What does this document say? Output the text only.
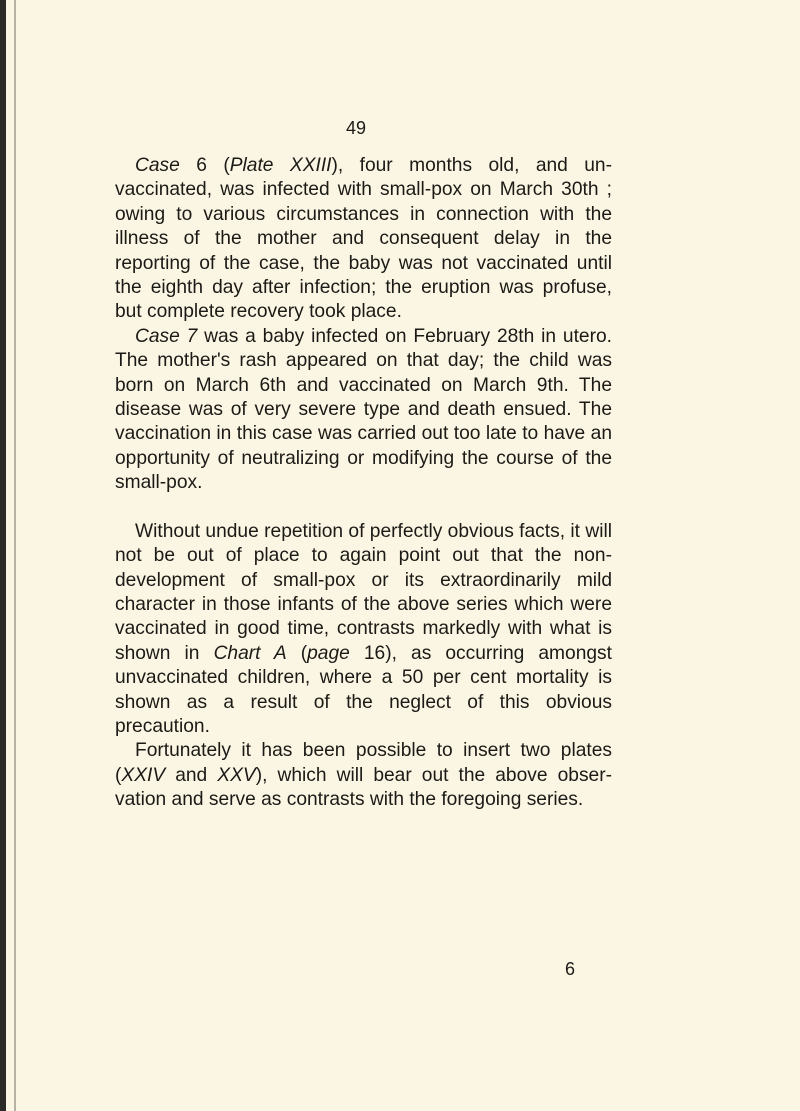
49

Case 6 (Plate XXIII), four months old, and un-vaccinated, was infected with small-pox on March 30th ; owing to various circumstances in connection with the illness of the mother and consequent delay in the reporting of the case, the baby was not vaccinated until the eighth day after infection; the eruption was profuse, but complete recovery took place.

Case 7 was a baby infected on February 28th in utero. The mother's rash appeared on that day; the child was born on March 6th and vaccinated on March 9th. The disease was of very severe type and death ensued. The vaccination in this case was carried out too late to have an opportunity of neutralizing or modifying the course of the small-pox.

Without undue repetition of perfectly obvious facts, it will not be out of place to again point out that the non-development of small-pox or its extraordinarily mild character in those infants of the above series which were vaccinated in good time, contrasts markedly with what is shown in Chart A (page 16), as occurring amongst unvaccinated children, where a 50 per cent mortality is shown as a result of the neglect of this obvious precaution.

Fortunately it has been possible to insert two plates (XXIV and XXV), which will bear out the above obser-vation and serve as contrasts with the foregoing series.

6
